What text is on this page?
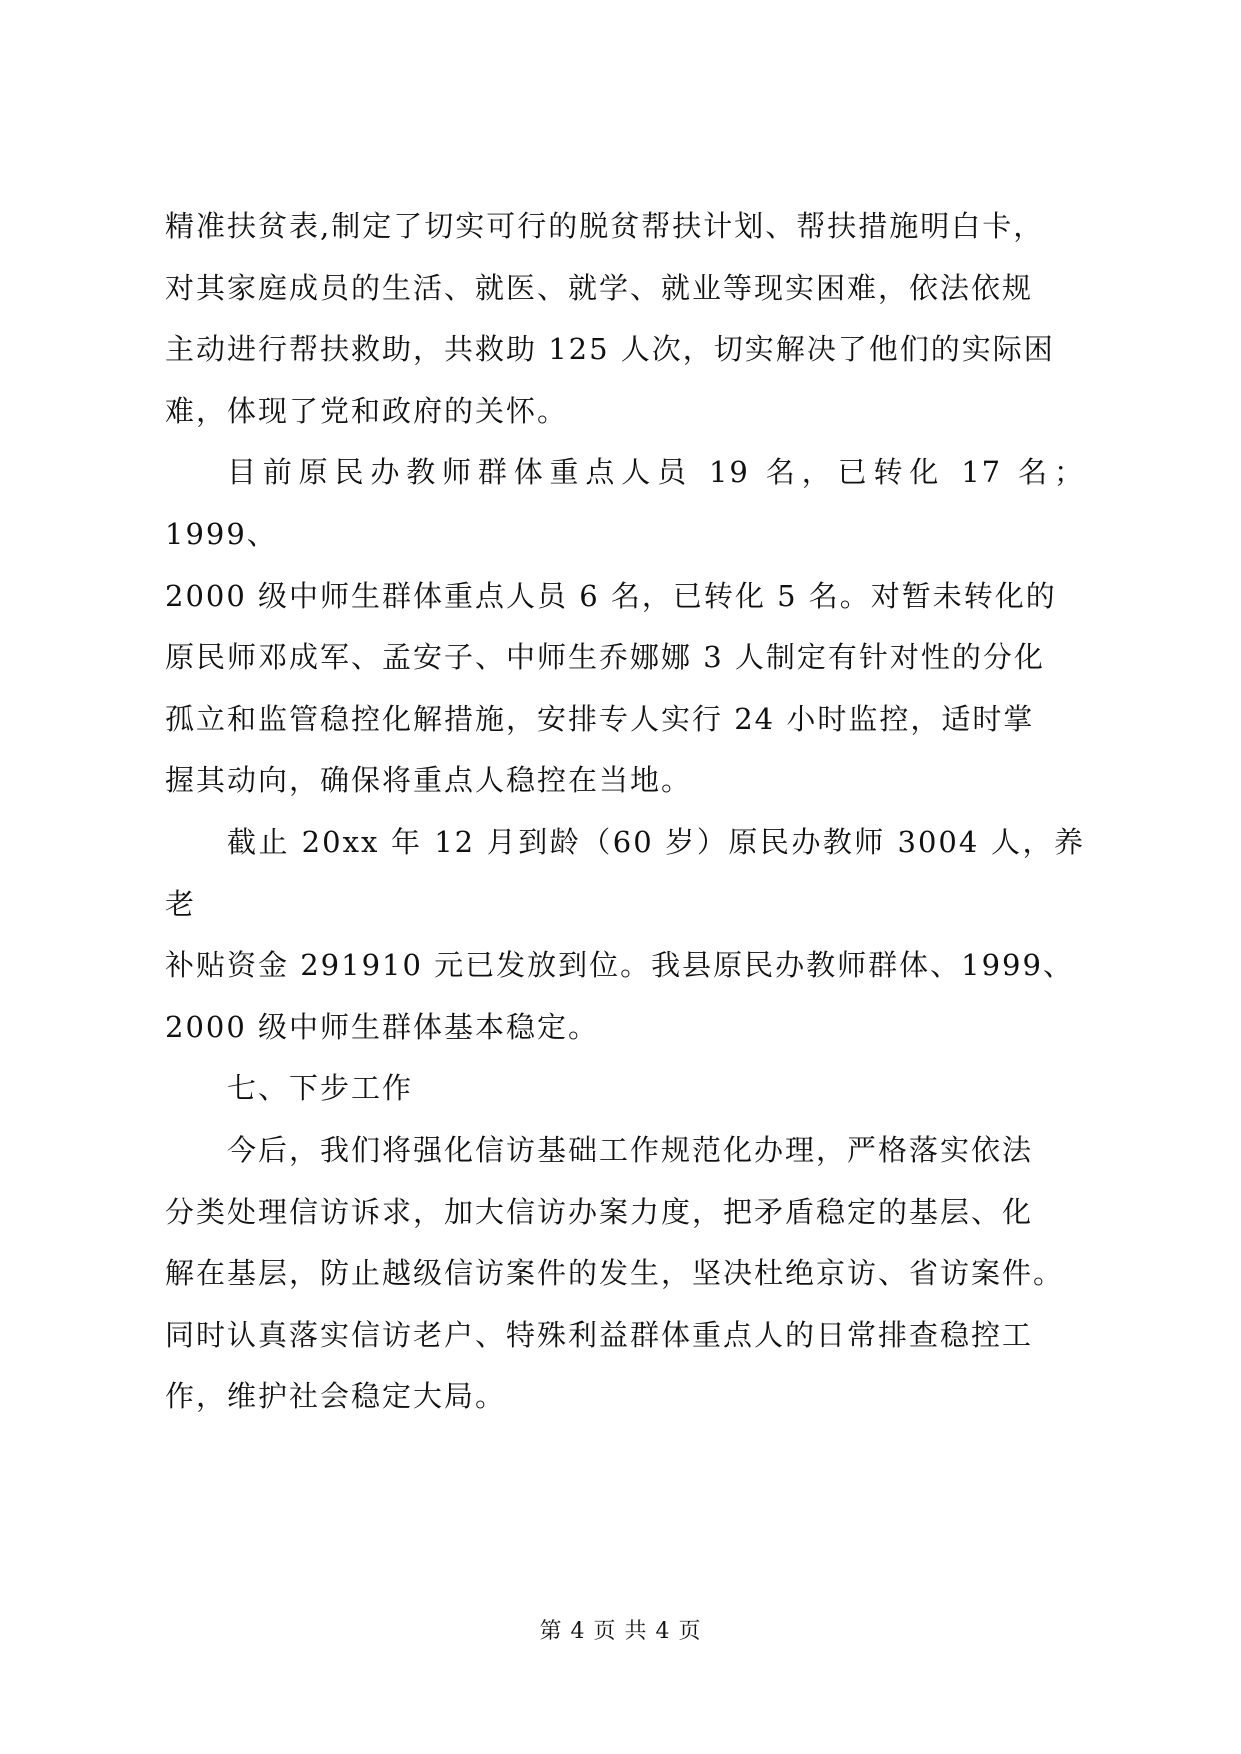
精准扶贫表,制定了切实可行的脱贫帮扶计划、帮扶措施明白卡，
对其家庭成员的生活、就医、就学、就业等现实困难，依法依规
主动进行帮扶救助，共救助 125 人次，切实解决了他们的实际困
难，体现了党和政府的关怀。

目前原民办教师群体重点人员 19 名，已转化 17 名；1999、
2000 级中师生群体重点人员 6 名，已转化 5 名。对暂未转化的
原民师邓成军、孟安子、中师生乔娜娜 3 人制定有针对性的分化
孤立和监管稳控化解措施，安排专人实行 24 小时监控，适时掌
握其动向，确保将重点人稳控在当地。

截止 20xx 年 12 月到龄（60 岁）原民办教师 3004 人，养老
补贴资金 291910 元已发放到位。我县原民办教师群体、1999、
2000 级中师生群体基本稳定。

七、下步工作

今后，我们将强化信访基础工作规范化办理，严格落实依法
分类处理信访诉求，加大信访办案力度，把矛盾稳定的基层、化
解在基层，防止越级信访案件的发生，坚决杜绝京访、省访案件。
同时认真落实信访老户、特殊利益群体重点人的日常排查稳控工
作，维护社会稳定大局。

第 4 页 共 4 页
